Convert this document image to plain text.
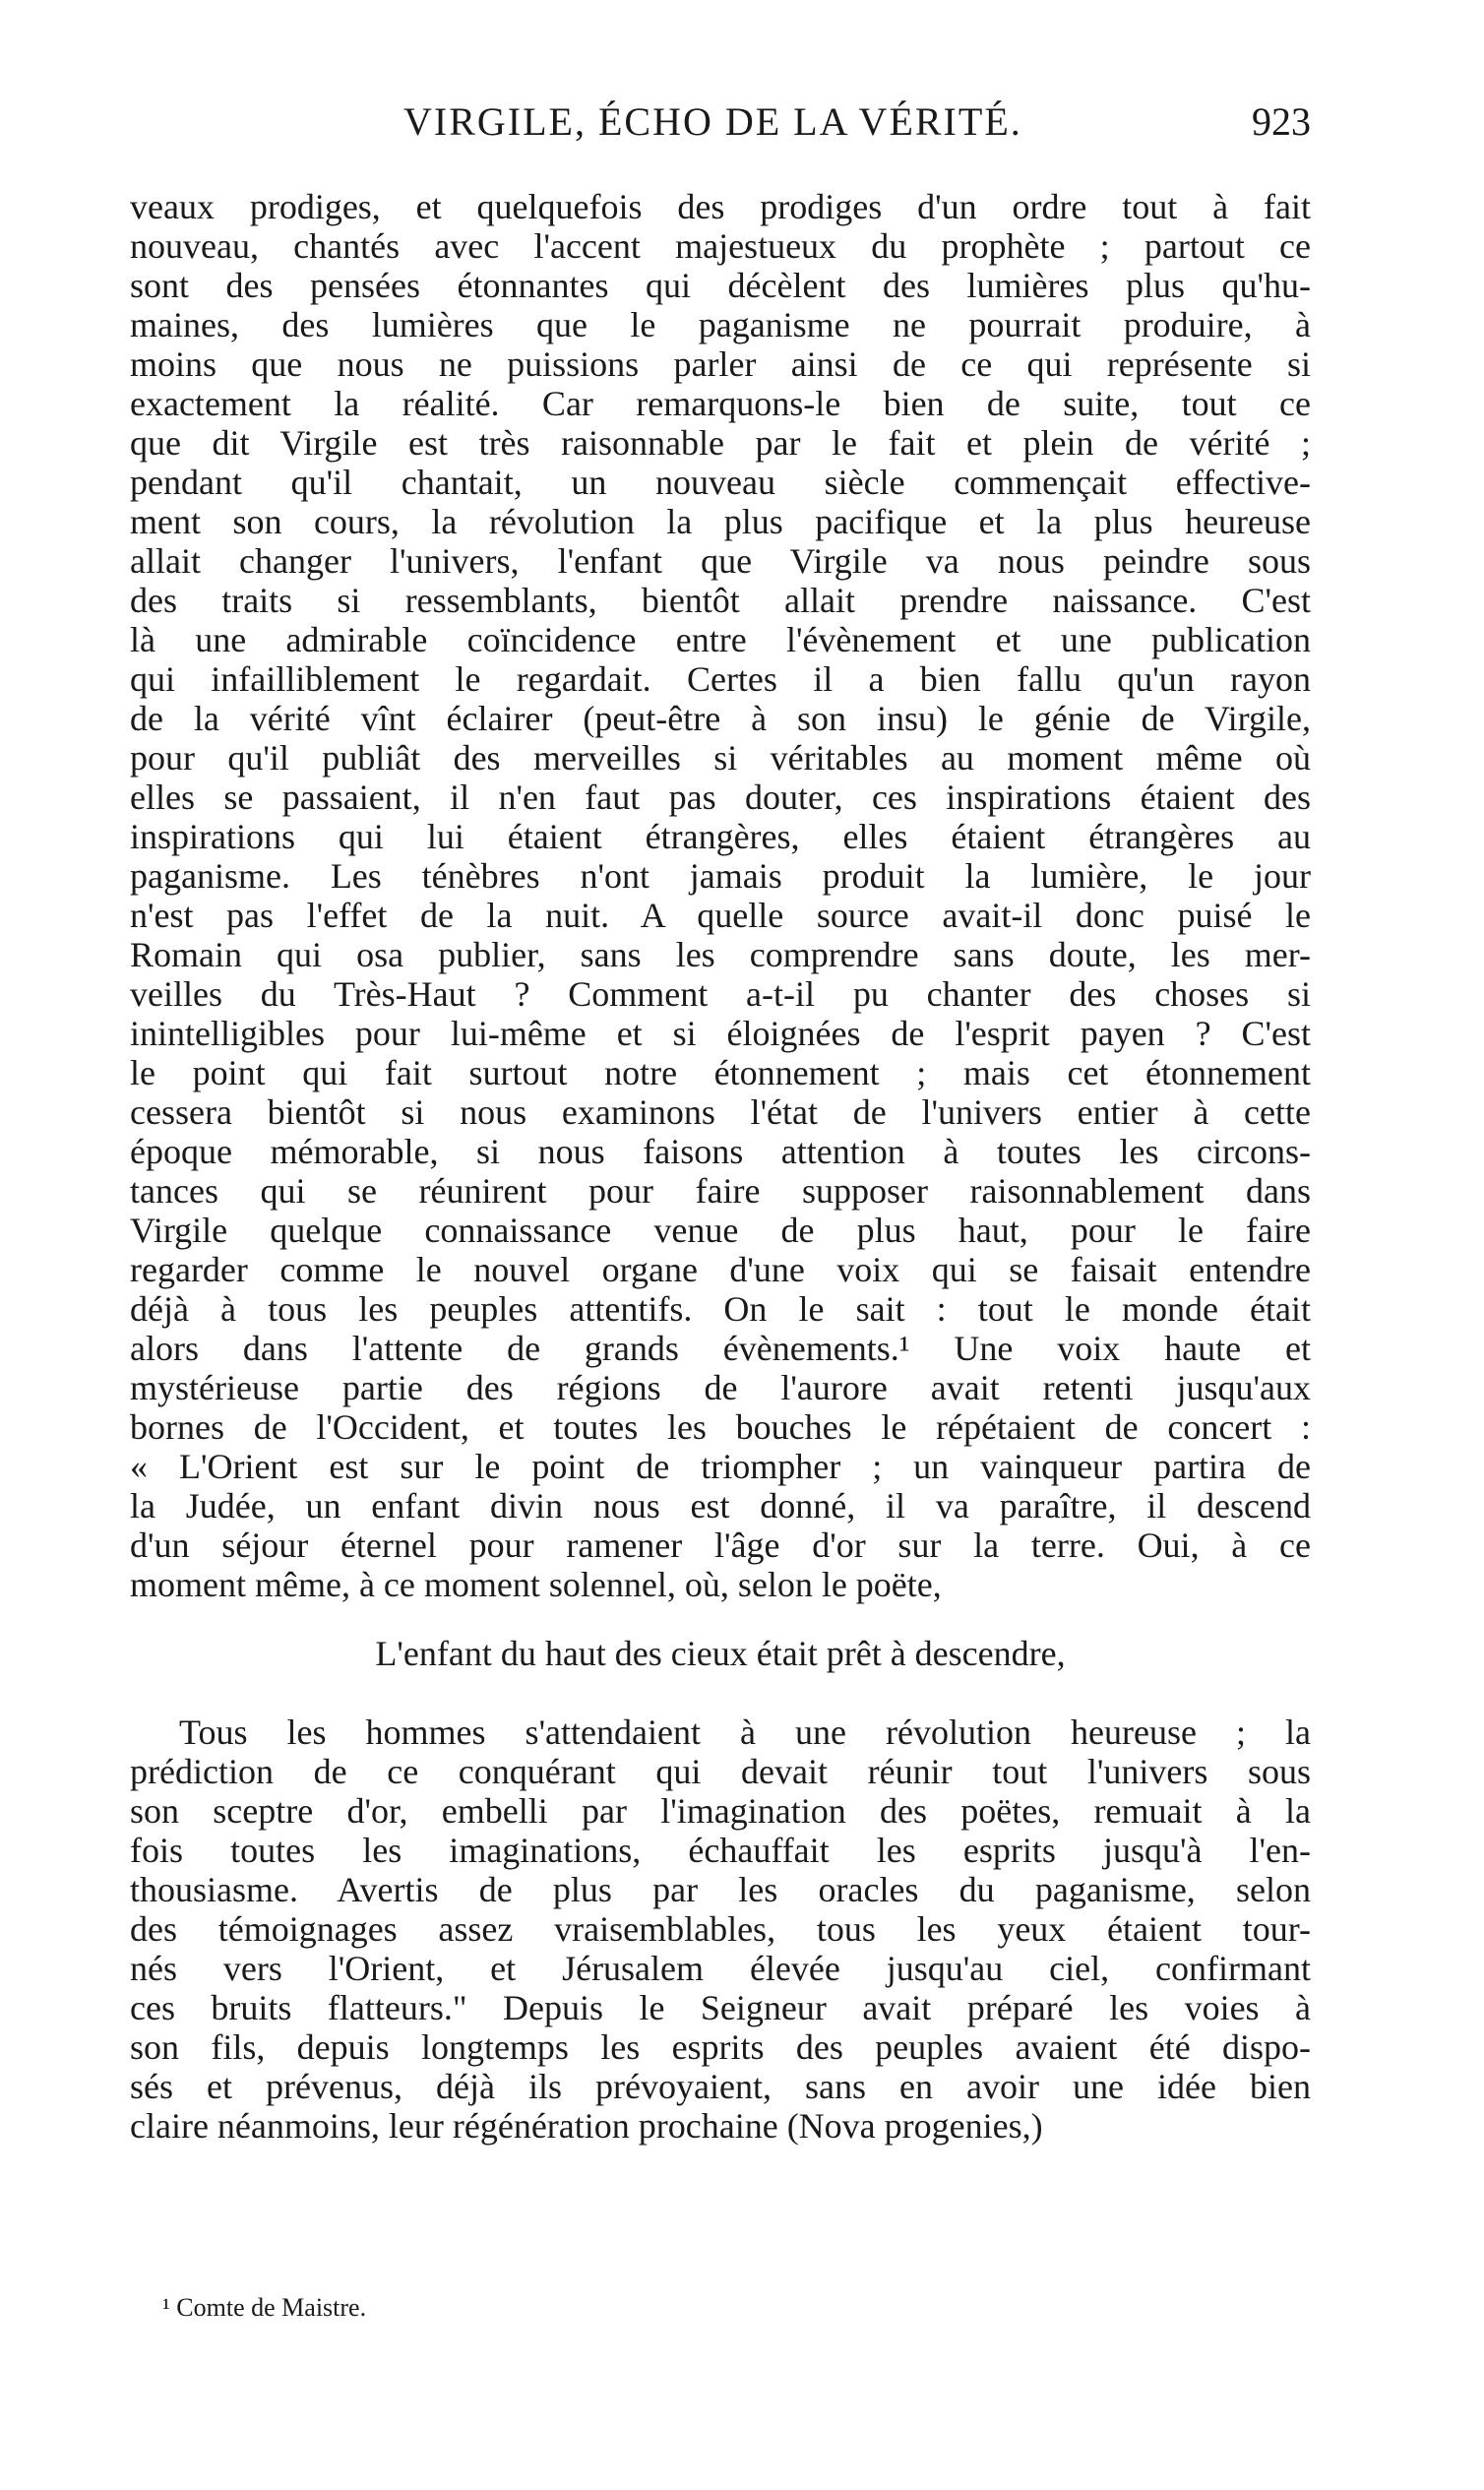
VIRGILE, ÉCHO DE LA VÉRITÉ.	923
veaux prodiges, et quelquefois des prodiges d'un ordre tout à fait
nouveau, chantés avec l'accent majestueux du prophète ; partout ce
sont des pensées étonnantes qui décèlent des lumières plus qu'hu-
maines, des lumières que le paganisme ne pourrait produire, à
moins que nous ne puissions parler ainsi de ce qui représente si
exactement la réalité. Car remarquons-le bien de suite, tout ce
que dit Virgile est très raisonnable par le fait et plein de vérité ;
pendant qu'il chantait, un nouveau siècle commençait effective-
ment son cours, la révolution la plus pacifique et la plus heureuse
allait changer l'univers, l'enfant que Virgile va nous peindre sous
des traits si ressemblants, bientôt allait prendre naissance. C'est
là une admirable coïncidence entre l'évènement et une publication
qui infailliblement le regardait. Certes il a bien fallu qu'un rayon
de la vérité vînt éclairer (peut-être à son insu) le génie de Virgile,
pour qu'il publiât des merveilles si véritables au moment même où
elles se passaient, il n'en faut pas douter, ces inspirations étaient des
inspirations qui lui étaient étrangères, elles étaient étrangères au
paganisme. Les ténèbres n'ont jamais produit la lumière, le jour
n'est pas l'effet de la nuit. A quelle source avait-il donc puisé le
Romain qui osa publier, sans les comprendre sans doute, les mer-
veilles du Très-Haut ? Comment a-t-il pu chanter des choses si
inintelligibles pour lui-même et si éloignées de l'esprit payen ? C'est
le point qui fait surtout notre étonnement ; mais cet étonnement
cessera bientôt si nous examinons l'état de l'univers entier à cette
époque mémorable, si nous faisons attention à toutes les circons-
tances qui se réunirent pour faire supposer raisonnablement dans
Virgile quelque connaissance venue de plus haut, pour le faire
regarder comme le nouvel organe d'une voix qui se faisait entendre
déjà à tous les peuples attentifs. On le sait : tout le monde était
alors dans l'attente de grands évènements.¹ Une voix haute et
mystérieuse partie des régions de l'aurore avait retenti jusqu'aux
bornes de l'Occident, et toutes les bouches le répétaient de concert :
« L'Orient est sur le point de triompher ; un vainqueur partira de
la Judée, un enfant divin nous est donné, il va paraître, il descend
d'un séjour éternel pour ramener l'âge d'or sur la terre. Oui, à ce
moment même, à ce moment solennel, où, selon le poëte,
L'enfant du haut des cieux était prêt à descendre,
Tous les hommes s'attendaient à une révolution heureuse ; la
prédiction de ce conquérant qui devait réunir tout l'univers sous
son sceptre d'or, embelli par l'imagination des poëtes, remuait à la
fois toutes les imaginations, échauffait les esprits jusqu'à l'en-
thousiasme. Avertis de plus par les oracles du paganisme, selon
des témoignages assez vraisemblables, tous les yeux étaient tour-
nés vers l'Orient, et Jérusalem élevée jusqu'au ciel, confirmant
ces bruits flatteurs." Depuis le Seigneur avait préparé les voies à
son fils, depuis longtemps les esprits des peuples avaient été dispo-
sés et prévenus, déjà ils prévoyaient, sans en avoir une idée bien
claire néanmoins, leur régénération prochaine (Nova progenies,)
¹ Comte de Maistre.
